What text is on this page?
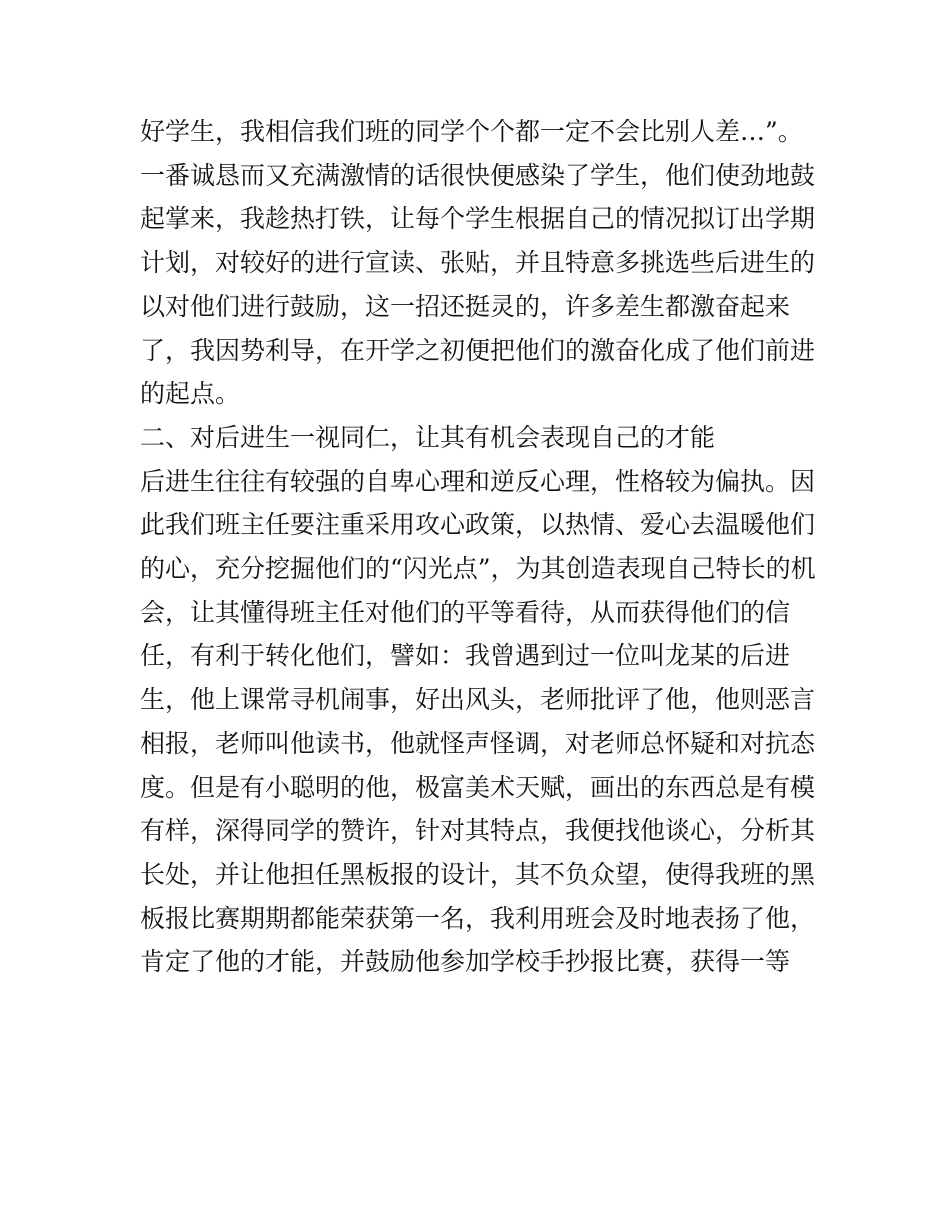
好学生，我相信我们班的同学个个都一定不会比别人差…”。
一番诚恳而又充满激情的话很快便感染了学生，他们使劲地鼓
起掌来，我趁热打铁，让每个学生根据自己的情况拟订出学期
计划，对较好的进行宣读、张贴，并且特意多挑选些后进生的
以对他们进行鼓励，这一招还挺灵的，许多差生都激奋起来
了，我因势利导，在开学之初便把他们的激奋化成了他们前进
的起点。
二、对后进生一视同仁，让其有机会表现自己的才能
后进生往往有较强的自卑心理和逆反心理，性格较为偏执。因
此我们班主任要注重采用攻心政策，以热情、爱心去温暖他们
的心，充分挖掘他们的“闪光点”，为其创造表现自己特长的机
会，让其懂得班主任对他们的平等看待，从而获得他们的信
任，有利于转化他们，譬如：我曾遇到过一位叫龙某的后进
生，他上课常寻机闹事，好出风头，老师批评了他，他则恶言
相报，老师叫他读书，他就怪声怪调，对老师总怀疑和对抗态
度。但是有小聪明的他，极富美术天赋，画出的东西总是有模
有样，深得同学的赞许，针对其特点，我便找他谈心，分析其
长处，并让他担任黑板报的设计，其不负众望，使得我班的黑
板报比赛期期都能荣获第一名，我利用班会及时地表扬了他，
肯定了他的才能，并鼓励他参加学校手抄报比赛，获得一等
